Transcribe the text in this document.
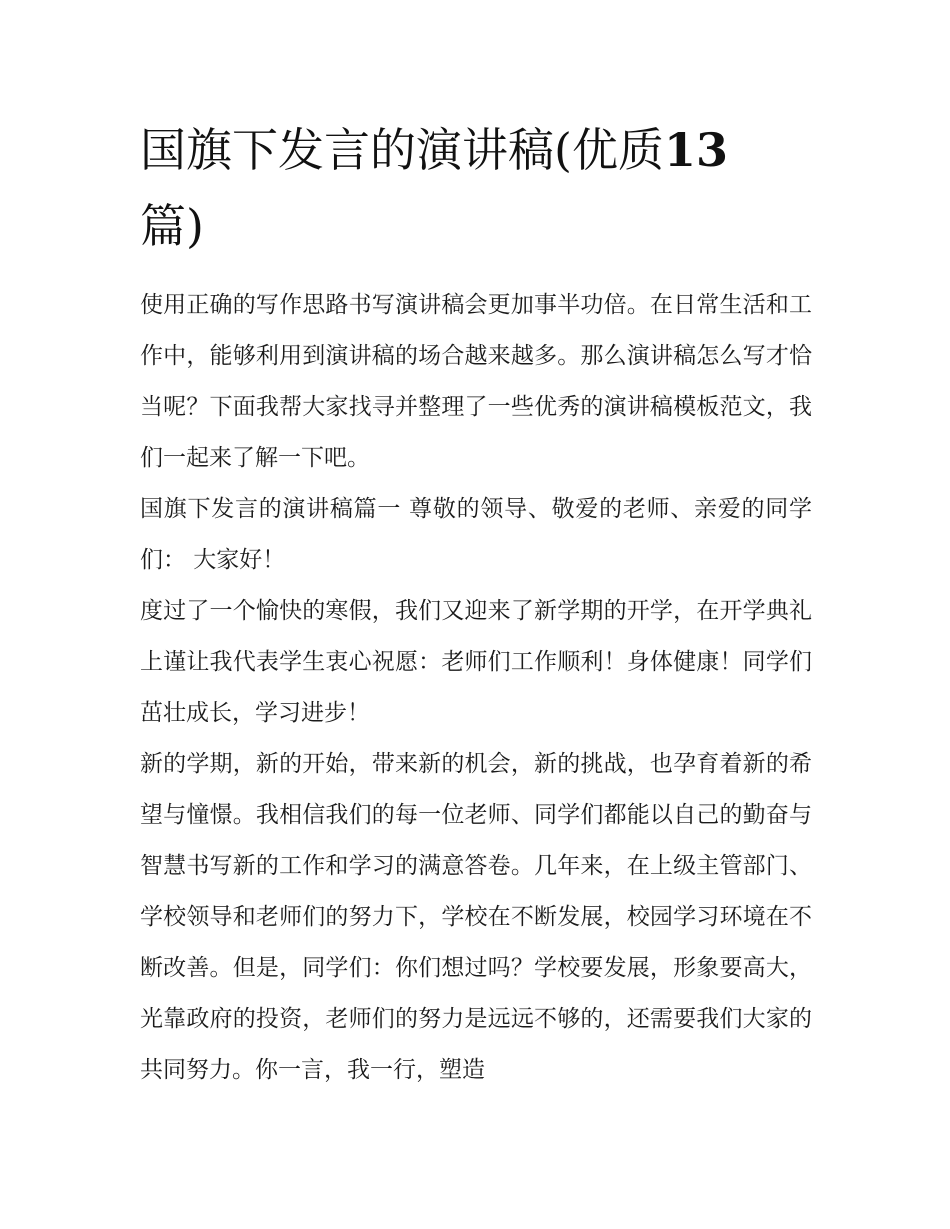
国旗下发言的演讲稿(优质13
篇)

使用正确的写作思路书写演讲稿会更加事半功倍。在日常生活和工作中，能够利用到演讲稿的场合越来越多。那么演讲稿怎么写才恰当呢？下面我帮大家找寻并整理了一些优秀的演讲稿模板范文，我们一起来了解一下吧。

国旗下发言的演讲稿篇一 尊敬的领导、敬爱的老师、亲爱的同学们： 大家好！

度过了一个愉快的寒假，我们又迎来了新学期的开学，在开学典礼上谨让我代表学生衷心祝愿：老师们工作顺利！身体健康！同学们茁壮成长，学习进步！

新的学期，新的开始，带来新的机会，新的挑战，也孕育着新的希望与憧憬。我相信我们的每一位老师、同学们都能以自己的勤奋与智慧书写新的工作和学习的满意答卷。几年来，在上级主管部门、学校领导和老师们的努力下，学校在不断发展，校园学习环境在不断改善。但是，同学们：你们想过吗？学校要发展，形象要高大，光靠政府的投资，老师们的努力是远远不够的，还需要我们大家的共同努力。你一言，我一行，塑造
